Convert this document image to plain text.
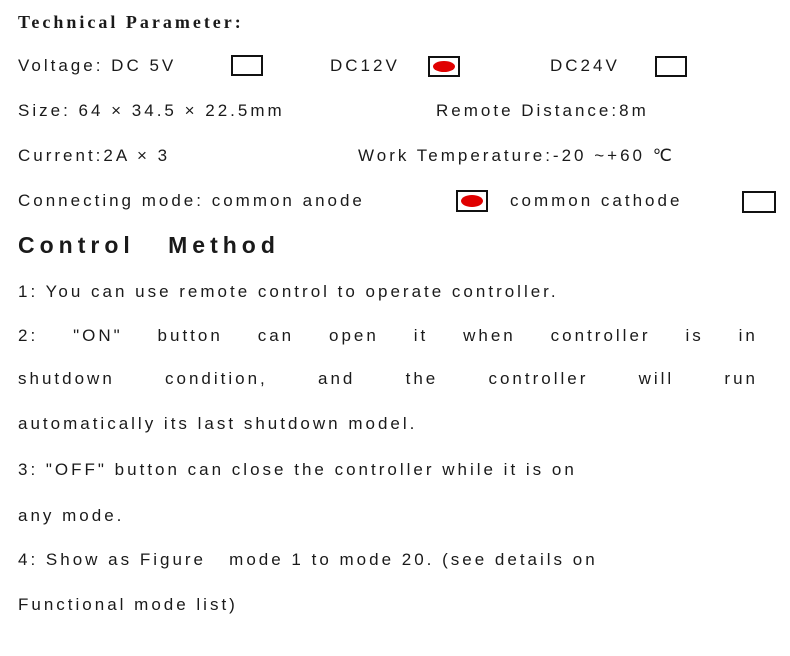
Technical Parameter:
Voltage: DC 5V	DC12V	DC24V
Size: 64 × 34.5 × 22.5mm	Remote Distance:8m
Current:2A × 3	Work Temperature:-20 ~+60 ℃
Connecting mode: common anode	common cathode
Control Method
1: You can use remote control to operate controller.
2: "ON" button can open it when controller is in
shutdown	condition,	and	the	controller	will	run
automatically its last shutdown model.
3: "OFF" button can close the controller while it is on
any mode.
4: Show as Figure   mode 1 to mode 20. (see details on
Functional mode list)
